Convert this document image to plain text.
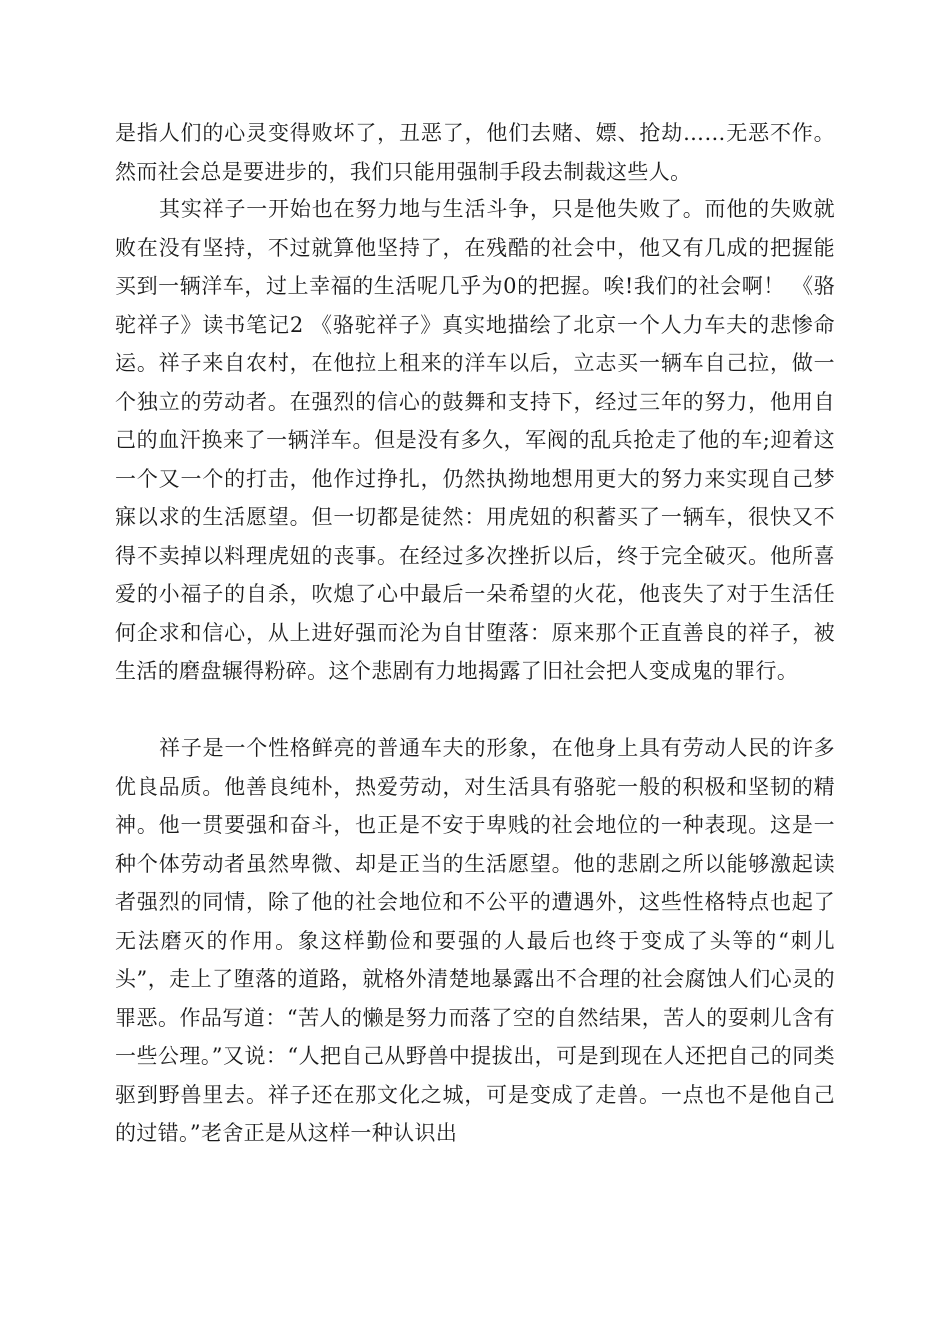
是指人们的心灵变得败坏了，丑恶了，他们去赌、嫖、抢劫……无恶不作。然而社会总是要进步的，我们只能用强制手段去制裁这些人。

其实祥子一开始也在努力地与生活斗争，只是他失败了。而他的失败就败在没有坚持，不过就算他坚持了，在残酷的社会中，他又有几成的把握能买到一辆洋车，过上幸福的生活呢几乎为0的把握。唉!我们的社会啊！ 《骆驼祥子》读书笔记2 《骆驼祥子》真实地描绘了北京一个人力车夫的悲惨命运。祥子来自农村，在他拉上租来的洋车以后，立志买一辆车自己拉，做一个独立的劳动者。在强烈的信心的鼓舞和支持下，经过三年的努力，他用自己的血汗换来了一辆洋车。但是没有多久，军阀的乱兵抢走了他的车;迎着这一个又一个的打击，他作过挣扎，仍然执拗地想用更大的努力来实现自己梦寐以求的生活愿望。但一切都是徒然：用虎妞的积蓄买了一辆车，很快又不得不卖掉以料理虎妞的丧事。在经过多次挫折以后，终于完全破灭。他所喜爱的小福子的自杀，吹熄了心中最后一朵希望的火花，他丧失了对于生活任何企求和信心，从上进好强而沦为自甘堕落：原来那个正直善良的祥子，被生活的磨盘辗得粉碎。这个悲剧有力地揭露了旧社会把人变成鬼的罪行。

祥子是一个性格鲜亮的普通车夫的形象，在他身上具有劳动人民的许多优良品质。他善良纯朴，热爱劳动，对生活具有骆驼一般的积极和坚韧的精神。他一贯要强和奋斗，也正是不安于卑贱的社会地位的一种表现。这是一种个体劳动者虽然卑微、却是正当的生活愿望。他的悲剧之所以能够激起读者强烈的同情，除了他的社会地位和不公平的遭遇外，这些性格特点也起了无法磨灭的作用。象这样勤俭和要强的人最后也终于变成了头等的“刺儿头”，走上了堕落的道路，就格外清楚地暴露出不合理的社会腐蚀人们心灵的罪恶。作品写道：“苦人的懒是努力而落了空的自然结果，苦人的耍刺儿含有一些公理。”又说：“人把自己从野兽中提拔出，可是到现在人还把自己的同类驱到野兽里去。祥子还在那文化之城，可是变成了走兽。一点也不是他自己的过错。”老舍正是从这样一种认识出
